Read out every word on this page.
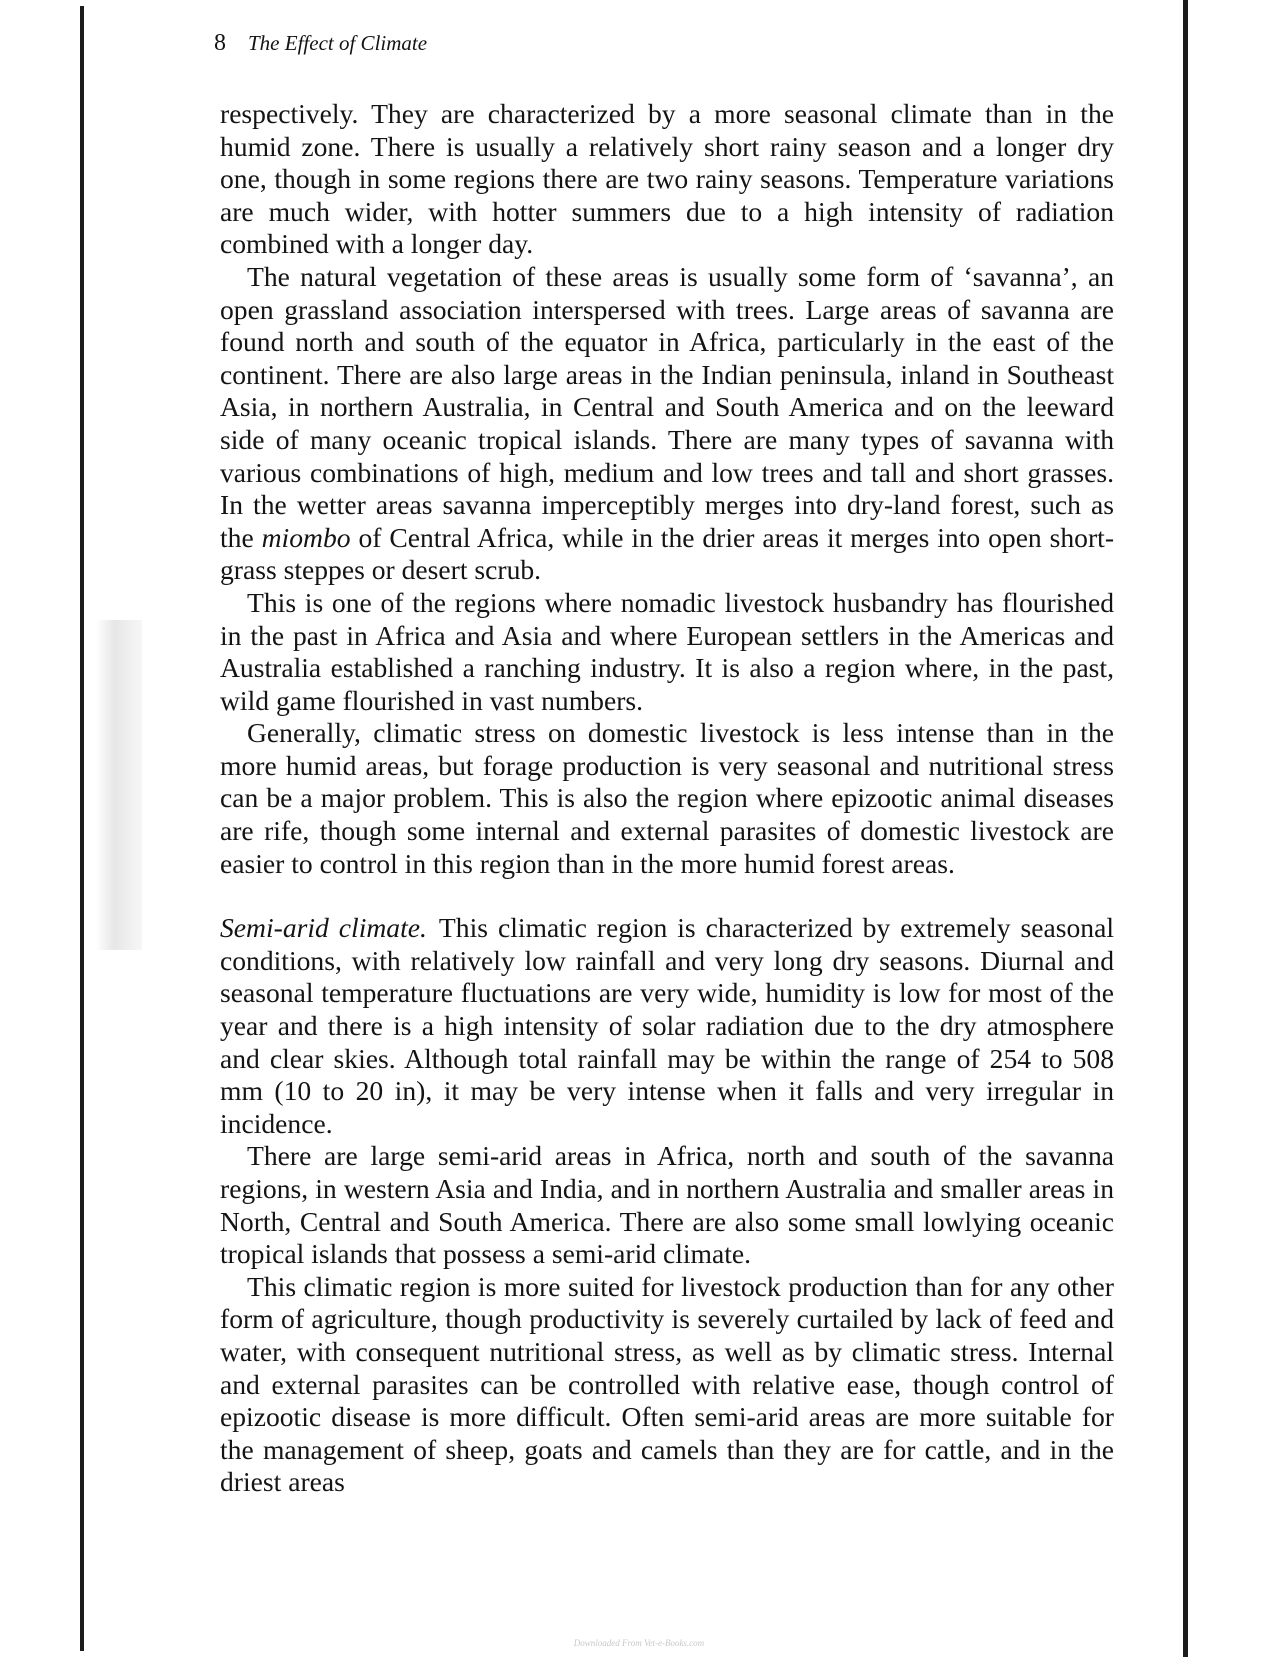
8 The Effect of Climate

respectively. They are characterized by a more seasonal climate than in the humid zone. There is usually a relatively short rainy season and a longer dry one, though in some regions there are two rainy seasons. Temperature variations are much wider, with hotter summers due to a high intensity of radiation combined with a longer day.

The natural vegetation of these areas is usually some form of ‘savanna’, an open grassland association interspersed with trees. Large areas of savanna are found north and south of the equator in Africa, particularly in the east of the continent. There are also large areas in the Indian peninsula, inland in Southeast Asia, in northern Australia, in Central and South America and on the leeward side of many oceanic tropical islands. There are many types of savanna with various combinations of high, medium and low trees and tall and short grasses. In the wetter areas savanna imperceptibly merges into dry-land forest, such as the miombo of Central Africa, while in the drier areas it merges into open short-grass steppes or desert scrub.

This is one of the regions where nomadic livestock husbandry has flourished in the past in Africa and Asia and where European settlers in the Americas and Australia established a ranching industry. It is also a region where, in the past, wild game flourished in vast numbers.

Generally, climatic stress on domestic livestock is less intense than in the more humid areas, but forage production is very seasonal and nutritional stress can be a major problem. This is also the region where epizootic animal diseases are rife, though some internal and external parasites of domestic livestock are easier to control in this region than in the more humid forest areas.

Semi-arid climate. This climatic region is characterized by extremely seasonal conditions, with relatively low rainfall and very long dry seasons. Diurnal and seasonal temperature fluctuations are very wide, humidity is low for most of the year and there is a high intensity of solar radiation due to the dry atmosphere and clear skies. Although total rainfall may be within the range of 254 to 508 mm (10 to 20 in), it may be very intense when it falls and very irregular in incidence.

There are large semi-arid areas in Africa, north and south of the savanna regions, in western Asia and India, and in northern Australia and smaller areas in North, Central and South America. There are also some small lowlying oceanic tropical islands that possess a semi-arid climate.

This climatic region is more suited for livestock production than for any other form of agriculture, though productivity is severely curtailed by lack of feed and water, with consequent nutritional stress, as well as by climatic stress. Internal and external parasites can be controlled with relative ease, though control of epizootic disease is more difficult. Often semi-arid areas are more suitable for the management of sheep, goats and camels than they are for cattle, and in the driest areas

Downloaded From Vet-e-Books.com
